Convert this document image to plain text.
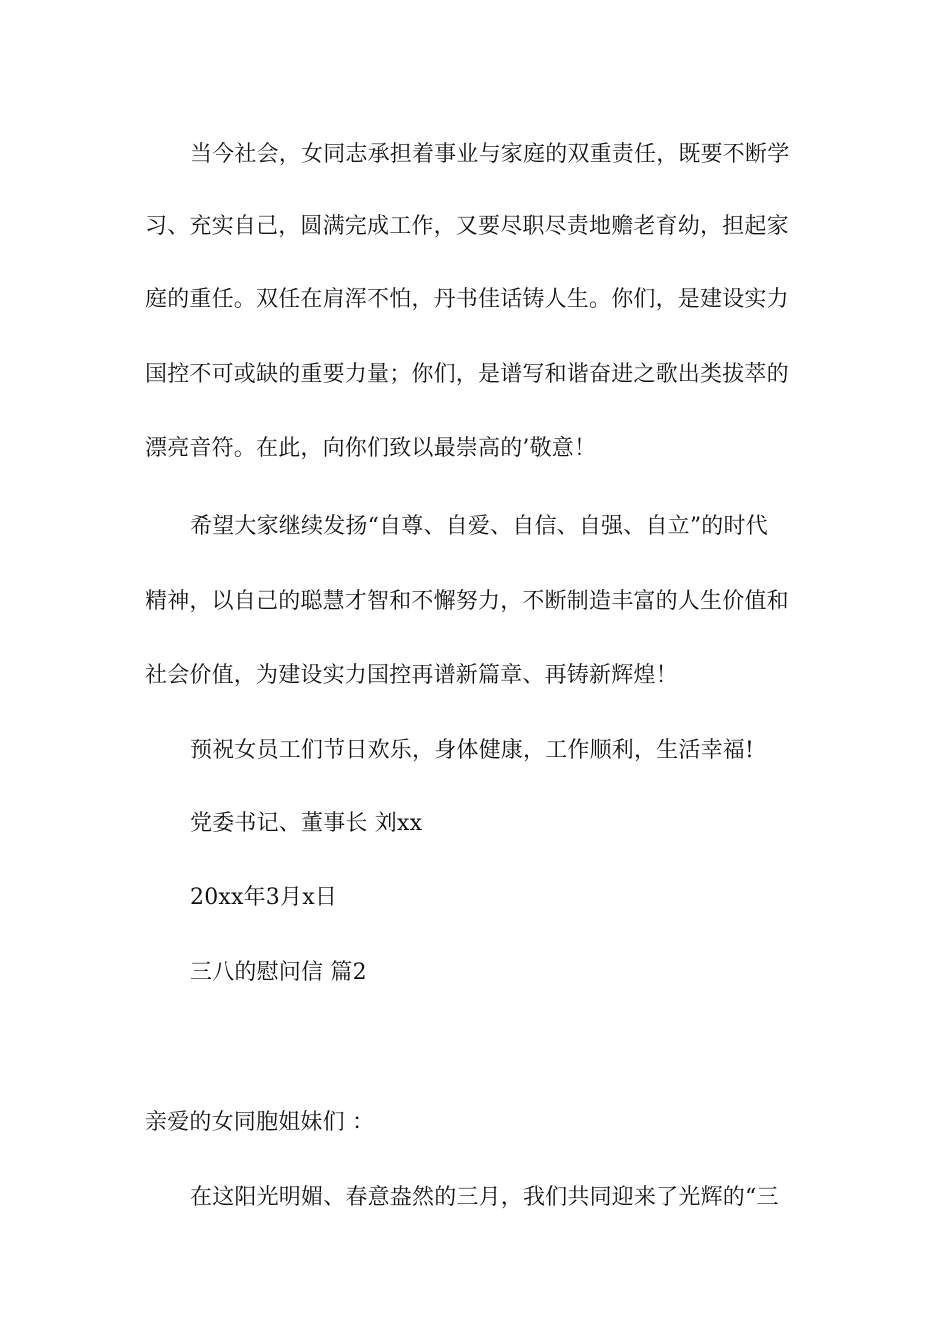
当今社会，女同志承担着事业与家庭的双重责任，既要不断学
习、充实自己，圆满完成工作，又要尽职尽责地赡老育幼，担起家
庭的重任。双任在肩浑不怕，丹书佳话铸人生。你们，是建设实力
国控不可或缺的重要力量；你们，是谱写和谐奋进之歌出类拔萃的
漂亮音符。在此，向你们致以最崇高的’敬意！
希望大家继续发扬“自尊、自爱、自信、自强、自立”的时代
精神，以自己的聪慧才智和不懈努力，不断制造丰富的人生价值和
社会价值，为建设实力国控再谱新篇章、再铸新辉煌！
预祝女员工们节日欢乐，身体健康，工作顺利，生活幸福!
党委书记、董事长 刘xx
20xx年3月x日
三八的慰问信 篇2
亲爱的女同胞姐妹们 ：
在这阳光明媚、春意盎然的三月，我们共同迎来了光辉的“三
